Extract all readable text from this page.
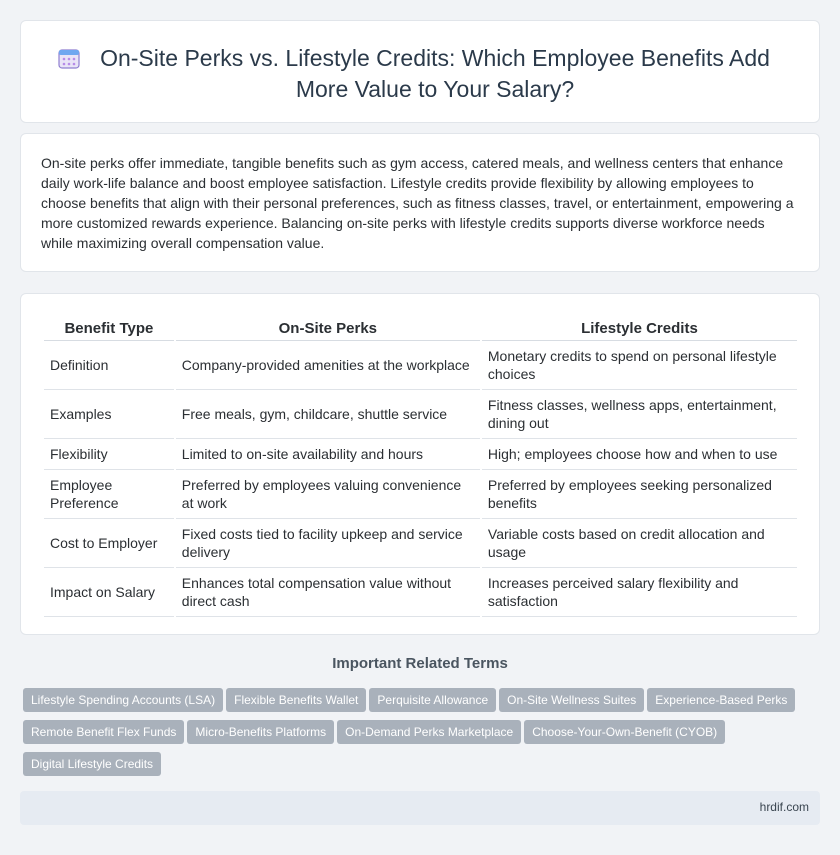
On-Site Perks vs. Lifestyle Credits: Which Employee Benefits Add More Value to Your Salary?

On-site perks offer immediate, tangible benefits such as gym access, catered meals, and wellness centers that enhance daily work-life balance and boost employee satisfaction. Lifestyle credits provide flexibility by allowing employees to choose benefits that align with their personal preferences, such as fitness classes, travel, or entertainment, empowering a more customized rewards experience. Balancing on-site perks with lifestyle credits supports diverse workforce needs while maximizing overall compensation value.

Benefit Type	On-Site Perks	Lifestyle Credits
Definition	Company-provided amenities at the workplace	Monetary credits to spend on personal lifestyle choices
Examples	Free meals, gym, childcare, shuttle service	Fitness classes, wellness apps, entertainment, dining out
Flexibility	Limited to on-site availability and hours	High; employees choose how and when to use
Employee Preference	Preferred by employees valuing convenience at work	Preferred by employees seeking personalized benefits
Cost to Employer	Fixed costs tied to facility upkeep and service delivery	Variable costs based on credit allocation and usage
Impact on Salary	Enhances total compensation value without direct cash	Increases perceived salary flexibility and satisfaction
Important Related Terms
Lifestyle Spending Accounts (LSA) Flexible Benefits Wallet Perquisite Allowance On-Site Wellness Suites Experience-Based Perks
Remote Benefit Flex Funds Micro-Benefits Platforms On-Demand Perks Marketplace Choose-Your-Own-Benefit (CYOB)
Digital Lifestyle Credits
hrdif.com
